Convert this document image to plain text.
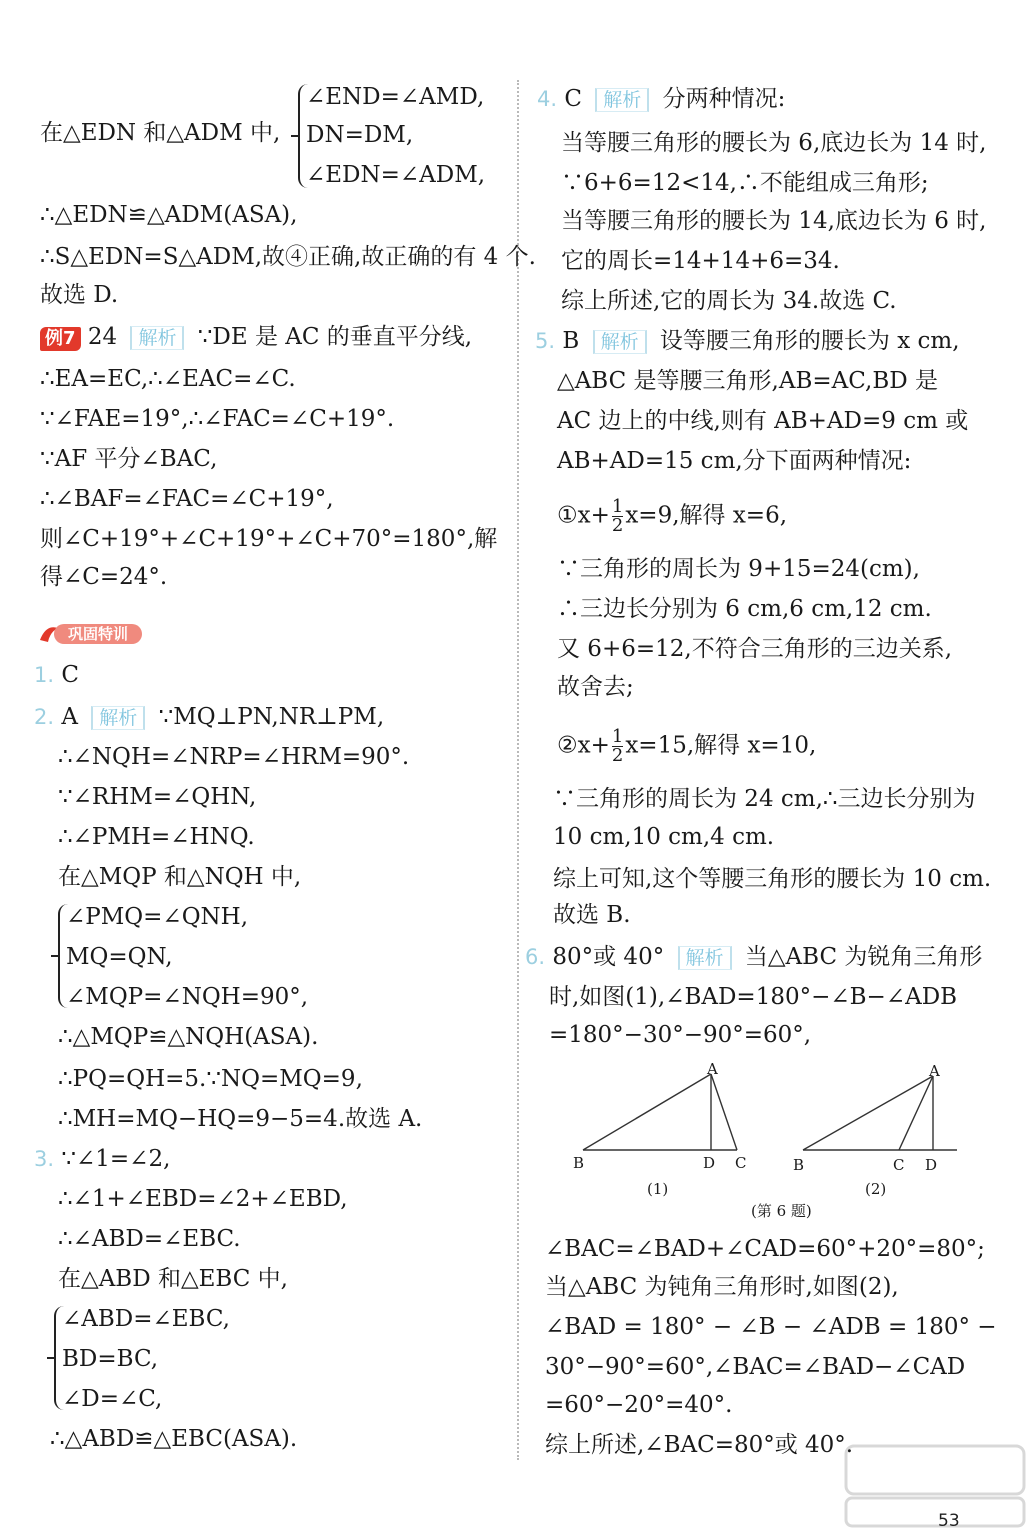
∠END=∠AMD,
在△EDN 和△ADM 中, DN=DM,
∠EDN=∠ADM,
∴△EDN≌△ADM(ASA),
∴S△EDN=S△ADM,故④正确,故正确的有 4 个.
故选 D.
例7 24 解析 ∵DE 是 AC 的垂直平分线,
∴EA=EC,∴∠EAC=∠C.
∵∠FAE=19°,∴∠FAC=∠C+19°.
∵AF 平分∠BAC,
∴∠BAF=∠FAC=∠C+19°,
则∠C+19°+∠C+19°+∠C+70°=180°,解
得∠C=24°.
巩固特训
1. C
2. A 解析 ∵MQ⊥PN,NR⊥PM,
∴∠NQH=∠NRP=∠HRM=90°.
∵∠RHM=∠QHN,
∴∠PMH=∠HNQ.
在△MQP 和△NQH 中,
∠PMQ=∠QNH,
MQ=QN,
∠MQP=∠NQH=90°,
∴△MQP≌△NQH(ASA).
∴PQ=QH=5.∵NQ=MQ=9,
∴MH=MQ−HQ=9−5=4.故选 A.
3. ∵∠1=∠2,
∴∠1+∠EBD=∠2+∠EBD,
∴∠ABD=∠EBC.
在△ABD 和△EBC 中,
∠ABD=∠EBC,
BD=BC,
∠D=∠C,
∴△ABD≌△EBC(ASA).
4. C 解析 分两种情况:
当等腰三角形的腰长为 6,底边长为 14 时,
∵6+6=12<14,∴不能组成三角形;
当等腰三角形的腰长为 14,底边长为 6 时,
它的周长=14+14+6=34.
综上所述,它的周长为 34.故选 C.
5. B 解析 设等腰三角形的腰长为 x cm,
△ABC 是等腰三角形,AB=AC,BD 是
AC 边上的中线,则有 AB+AD=9 cm 或
AB+AD=15 cm,分下面两种情况:
①x+ $\frac{1}{2} x=9$,解得 x=6,
∵三角形的周长为 9+15=24(cm),
∴三边长分别为 6 cm,6 cm,12 cm.
又 6+6=12,不符合三角形的三边关系,
故舍去;
②x+ $\frac{1}{2} x=15$,解得 x=10,
∵三角形的周长为 24 cm,∴三边长分别为
10 cm,10 cm,4 cm.
综上可知,这个等腰三角形的腰长为 10 cm.
故选 B.
6. 80°或 40° 解析 当△ABC 为锐角三角形
时,如图(1),∠BAD=180°−∠B−∠ADB
=180°−30°−90°=60°,
A
B	D C
(1)
A
B	C D
(2)
(第 6 题)
∠BAC=∠BAD+∠CAD=60°+20°=80°;
当△ABC 为钝角三角形时,如图(2),
∠BAD = 180° − ∠B − ∠ADB = 180° −
30°−90°=60°,∠BAC=∠BAD−∠CAD
=60°−20°=40°.
综上所述,∠BAC=80°或 40°.
53
